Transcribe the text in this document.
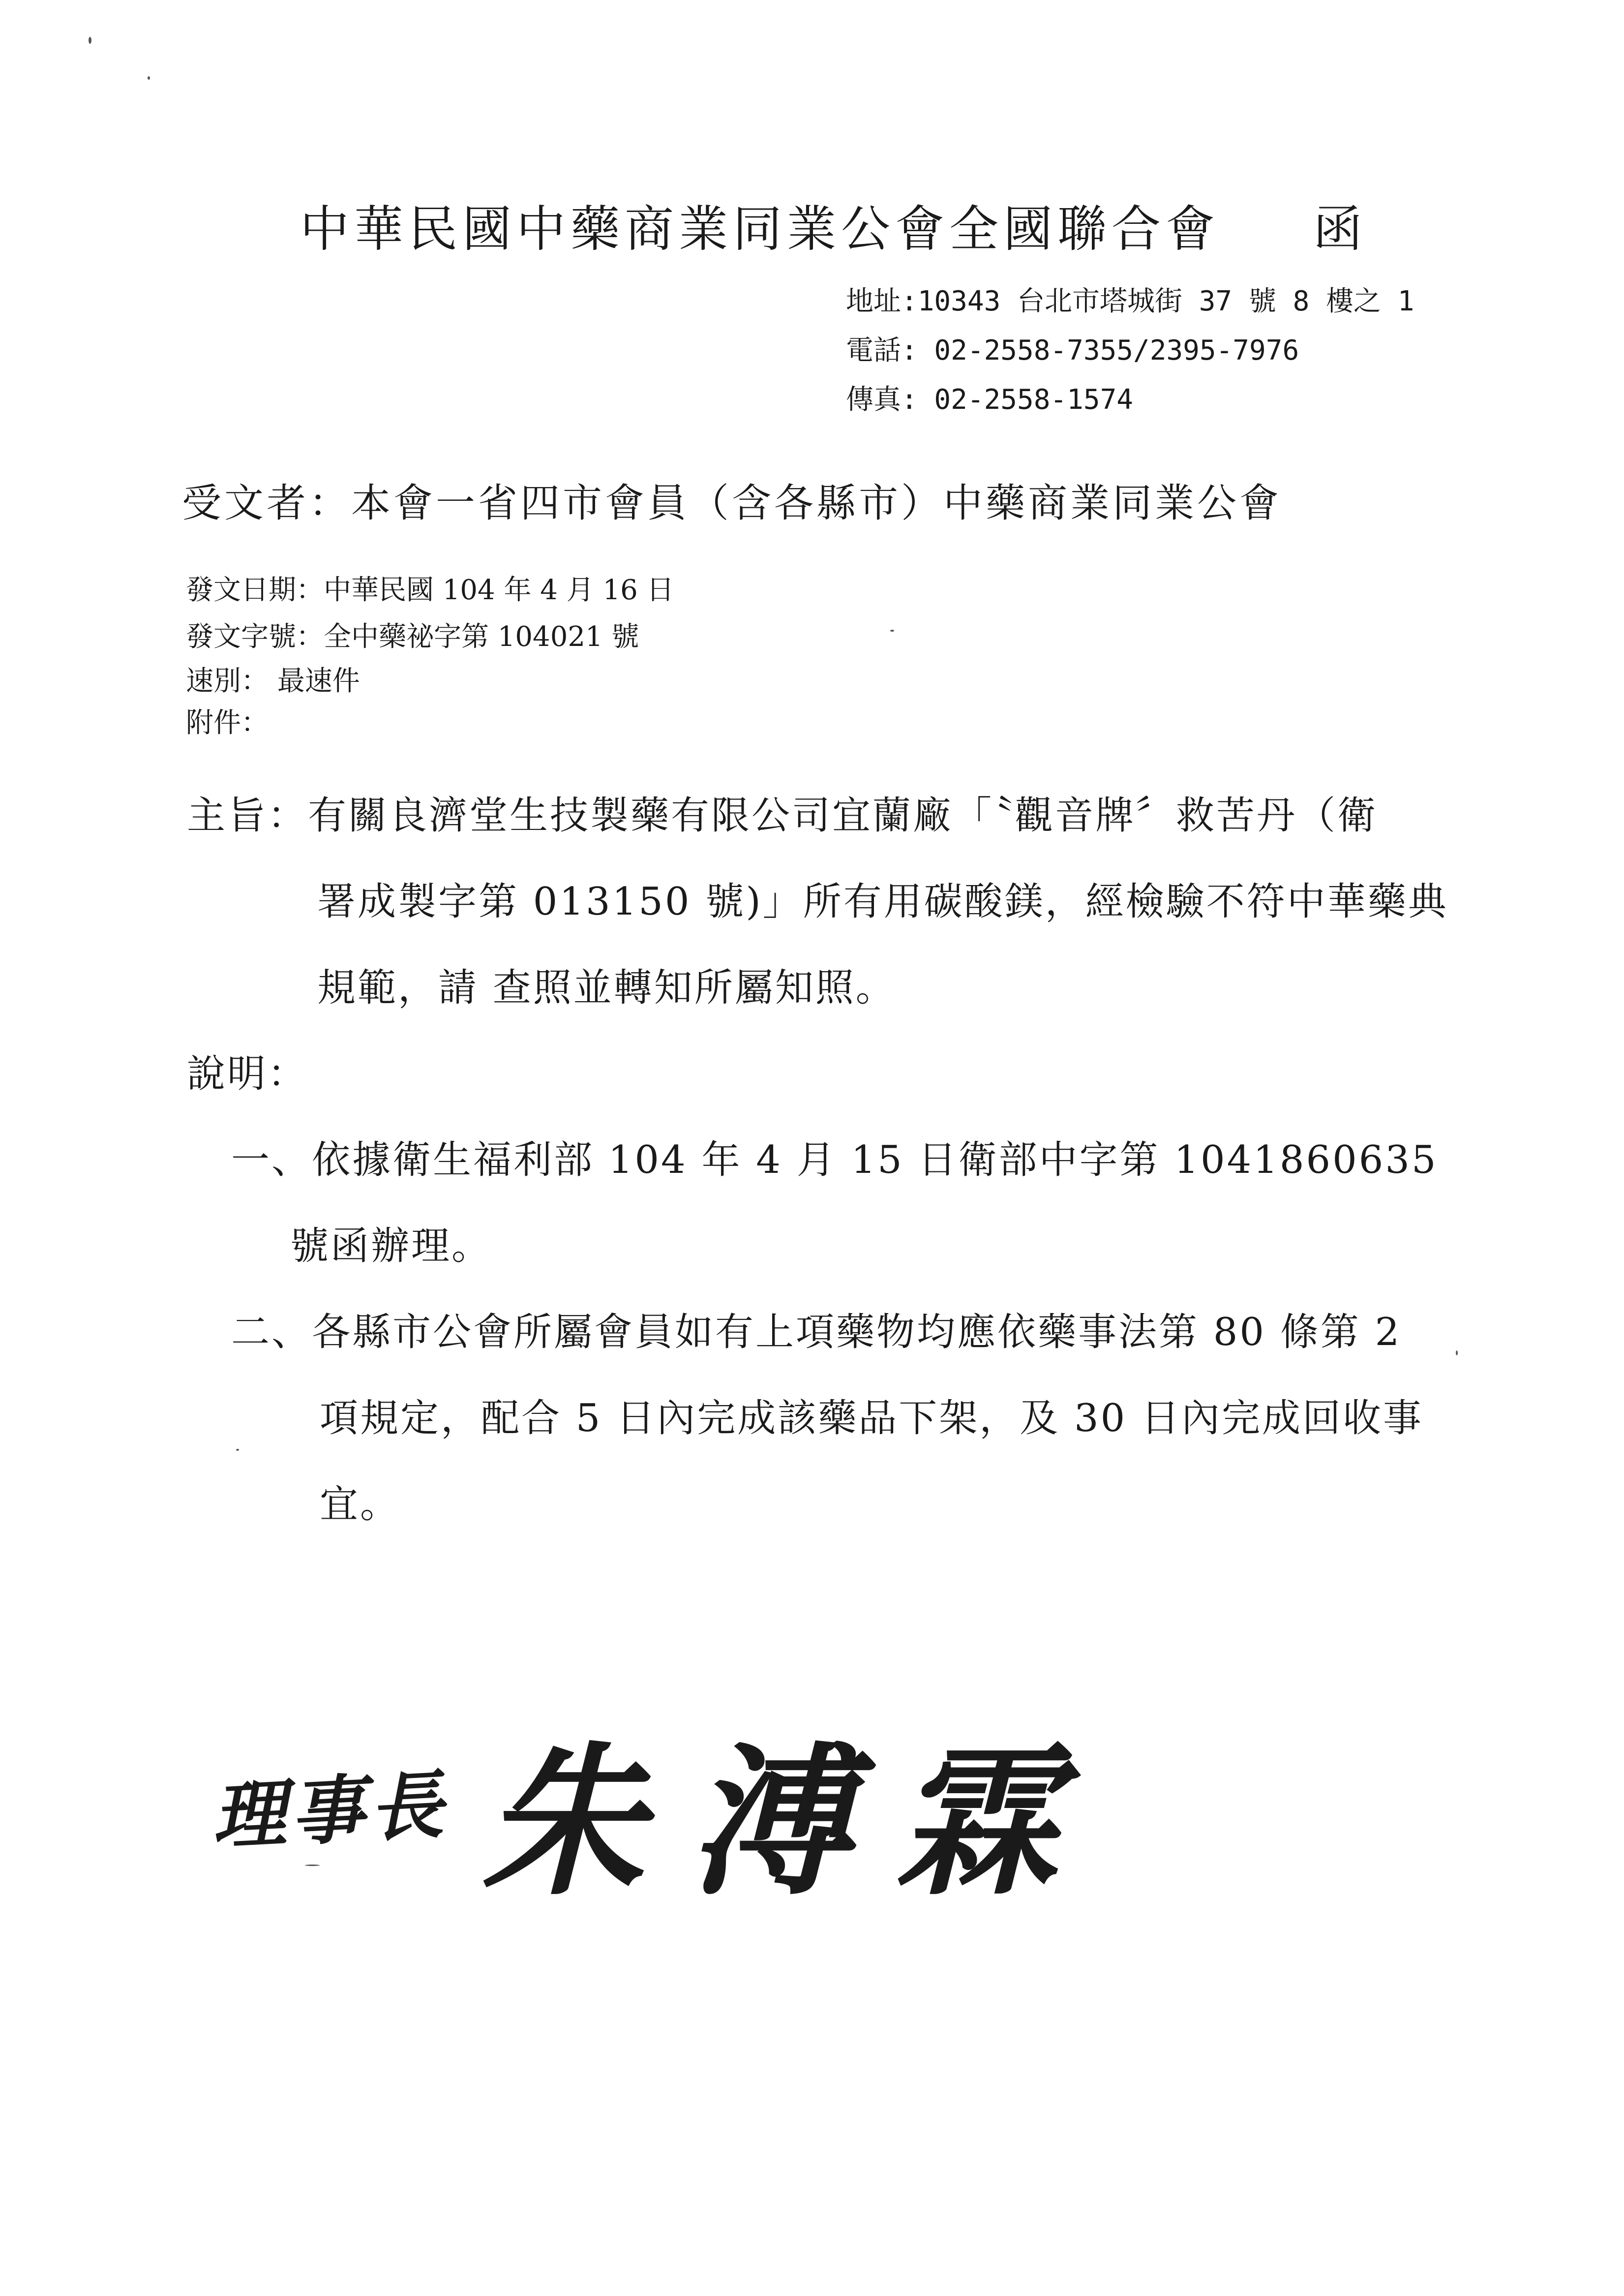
中華民國中藥商業同業公會全國聯合會 函
地址:10343 台北市塔城街 37 號 8 樓之 1
電話: 02-2558-7355/2395-7976
傳真: 02-2558-1574
受文者：本會一省四市會員（含各縣市）中藥商業同業公會
發文日期：中華民國 104 年 4 月 16 日
發文字號：全中藥祕字第 104021 號
速別： 最速件
附件：
主旨：有關良濟堂生技製藥有限公司宜蘭廠「〝觀音牌〞救苦丹（衛
署成製字第 013150 號)」所有用碳酸鎂，經檢驗不符中華藥典
規範，請 查照並轉知所屬知照。
說明：
一、依據衛生福利部 104 年 4 月 15 日衛部中字第 1041860635
號函辦理。
二、各縣市公會所屬會員如有上項藥物均應依藥事法第 80 條第 2
項規定，配合 5 日內完成該藥品下架，及 30 日內完成回收事
宜。
理事長 朱溥霖
